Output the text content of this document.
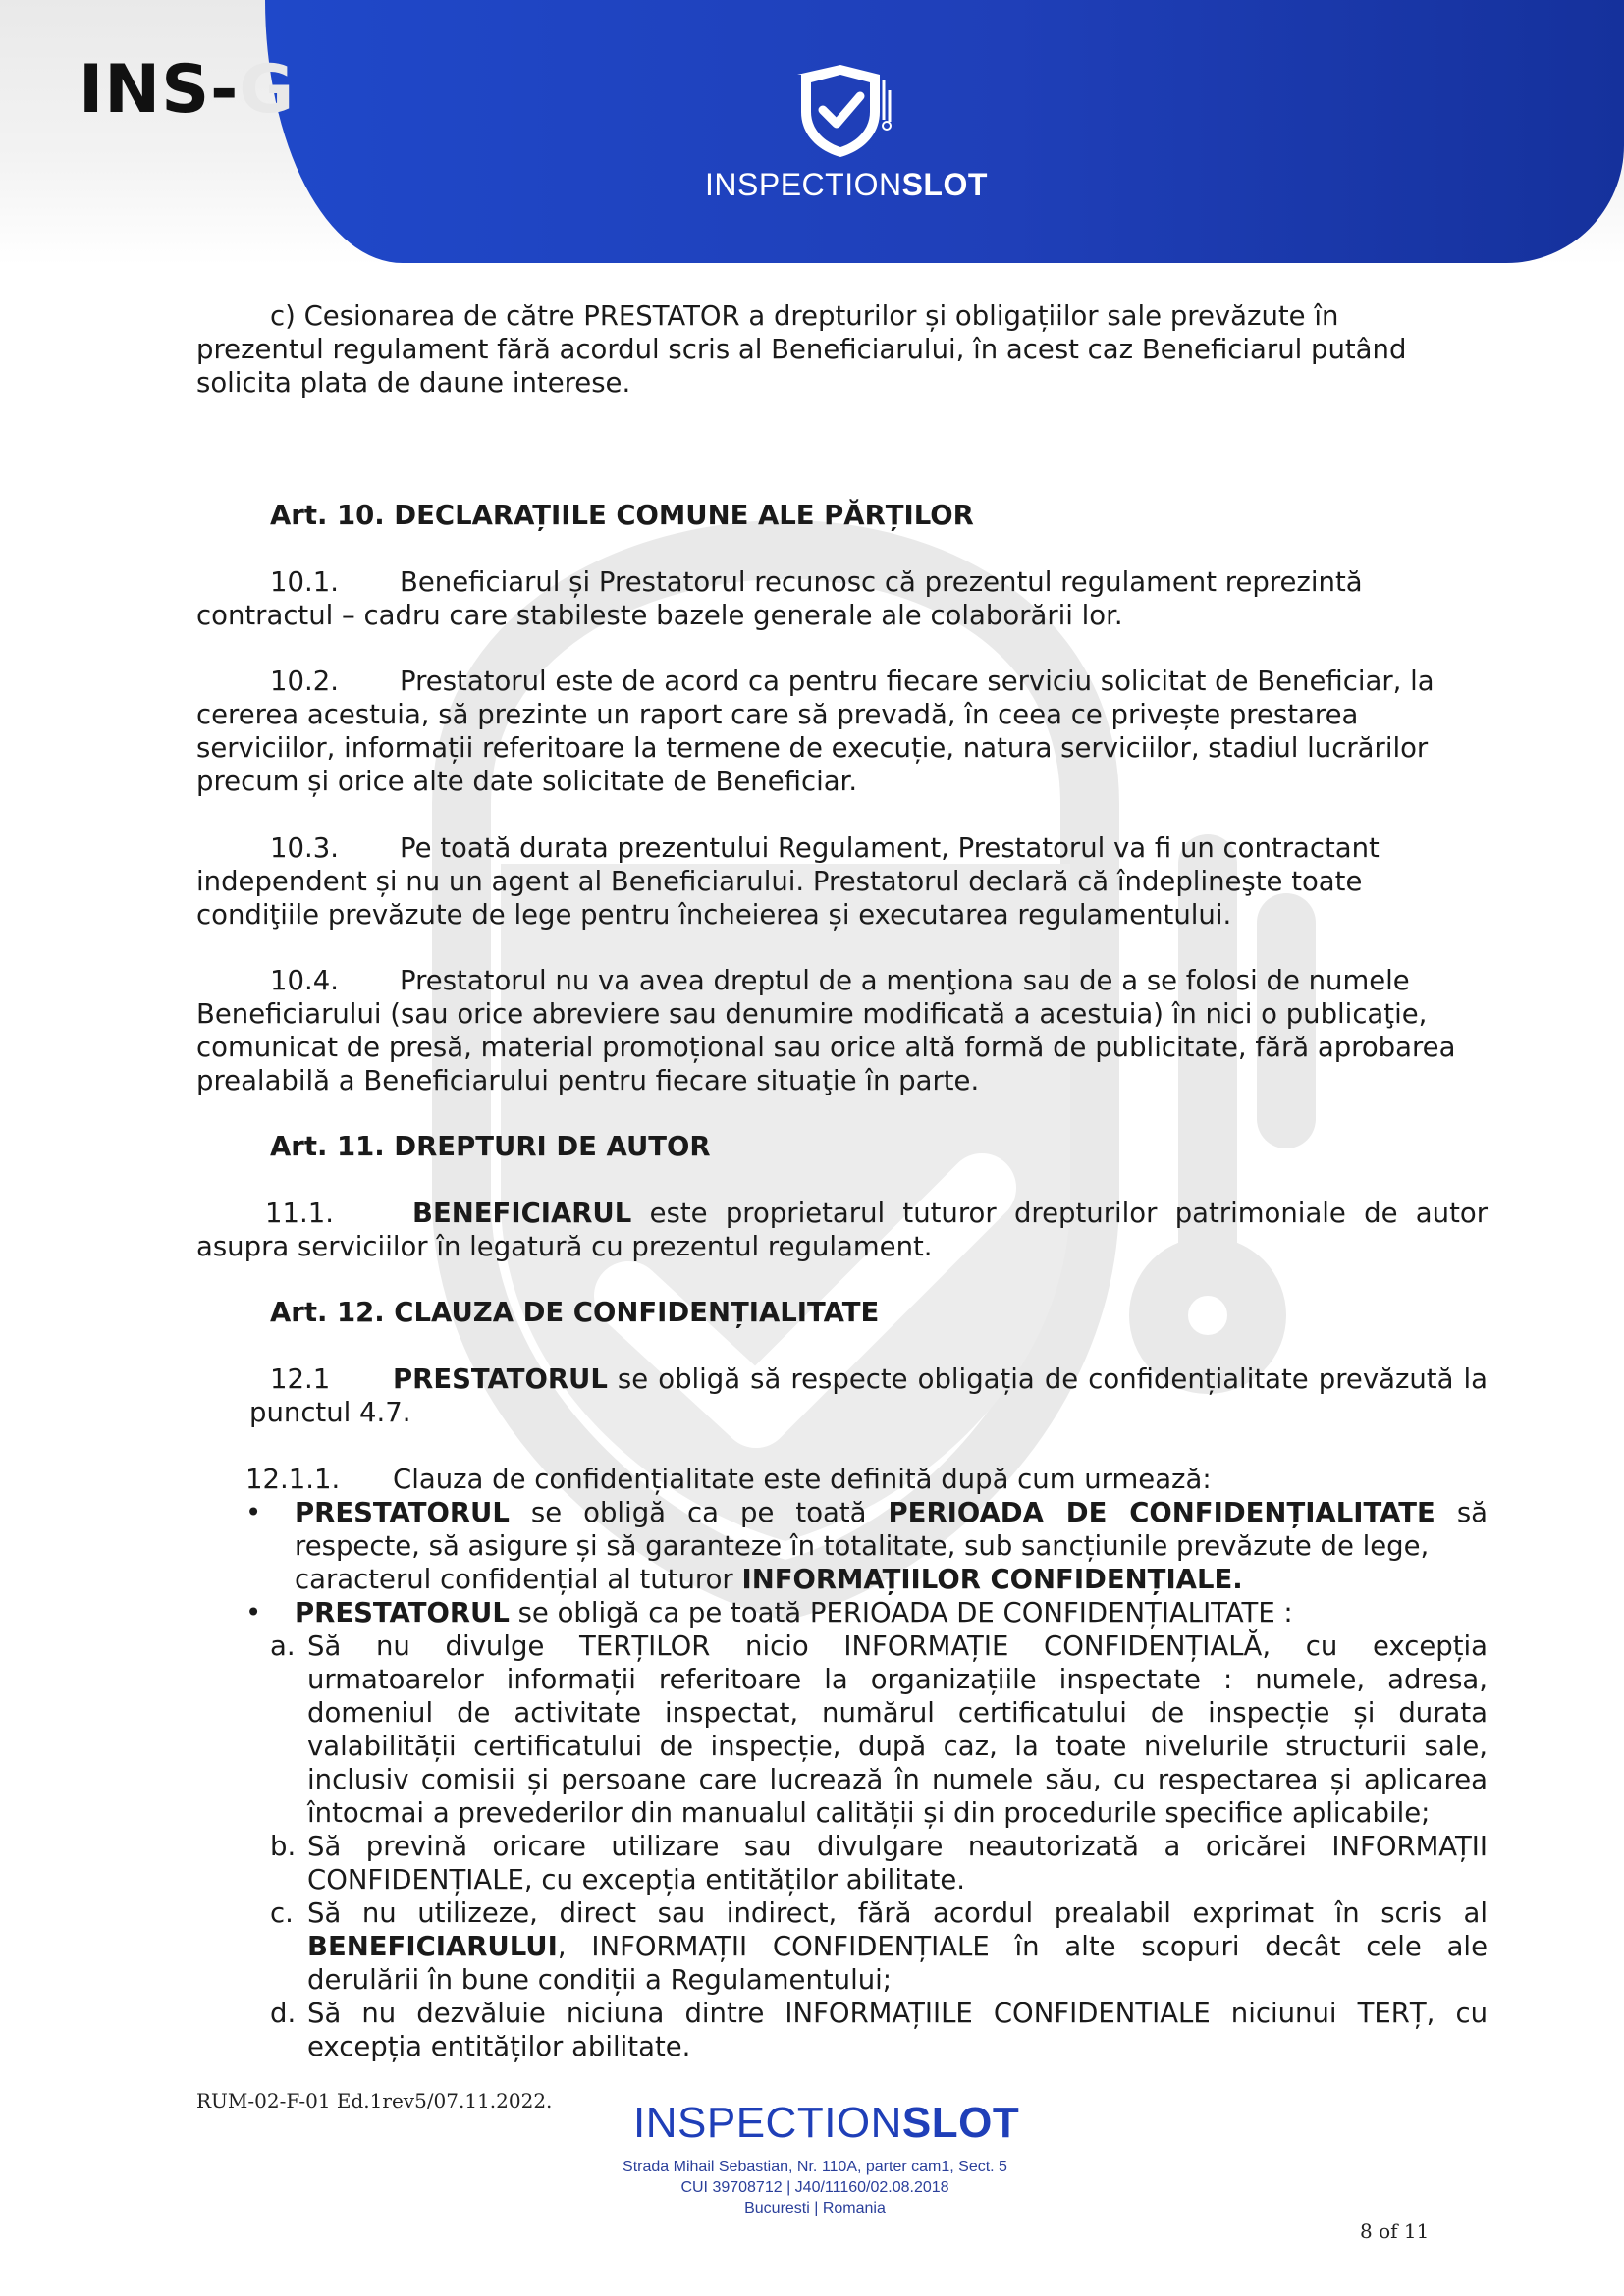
INS-G
INSPECTIONSLOT
c) Cesionarea de către PRESTATOR a drepturilor și obligațiilor sale prevăzute în
prezentul regulament fără acordul scris al Beneficiarului, în acest caz Beneficiarul putând
solicita plata de daune interese.
Art. 10. DECLARAȚIILE COMUNE ALE PĂRȚILOR
10.1. Beneficiarul și Prestatorul recunosc că prezentul regulament reprezintă
contractul – cadru care stabileste bazele generale ale colaborării lor.
10.2. Prestatorul este de acord ca pentru fiecare serviciu solicitat de Beneficiar, la
cererea acestuia, să prezinte un raport care să prevadă, în ceea ce privește prestarea
serviciilor, informații referitoare la termene de execuție, natura serviciilor, stadiul lucrărilor
precum și orice alte date solicitate de Beneficiar.
10.3. Pe toată durata prezentului Regulament, Prestatorul va fi un contractant
independent și nu un agent al Beneficiarului. Prestatorul declară că îndeplineşte toate
condiţiile prevăzute de lege pentru încheierea și executarea regulamentului.
10.4. Prestatorul nu va avea dreptul de a menţiona sau de a se folosi de numele
Beneficiarului (sau orice abreviere sau denumire modificată a acestuia) în nici o publicaţie,
comunicat de presă, material promoțional sau orice altă formă de publicitate, fără aprobarea
prealabilă a Beneficiarului pentru fiecare situaţie în parte.
Art. 11. DREPTURI DE AUTOR
11.1.	BENEFICIARUL este proprietarul tuturor drepturilor patrimoniale de autor
asupra serviciilor în legatură cu prezentul regulament.
Art. 12. CLAUZA DE CONFIDENȚIALITATE
12.1 PRESTATORUL se obligă să respecte obligația de confidențialitate prevăzută la
punctul 4.7.
12.1.1. Clauza de confidențialitate este definită după cum urmează:
• PRESTATORUL se obligă ca pe toată PERIOADA DE CONFIDENȚIALITATE să
respecte, să asigure și să garanteze în totalitate, sub sancțiunile prevăzute de lege,
caracterul confidențial al tuturor INFORMAȚIILOR CONFIDENȚIALE.
• PRESTATORUL se obligă ca pe toată PERIOADA DE CONFIDENȚIALITATE :
a. Să nu divulge TERȚILOR nicio INFORMAȚIE CONFIDENȚIALĂ, cu excepția
urmatoarelor informații referitoare la organizațiile inspectate : numele, adresa,
domeniul de activitate inspectat, numărul certificatului de inspecție și durata
valabilității certificatului de inspecție, după caz, la toate nivelurile structurii sale,
inclusiv comisii și persoane care lucrează în numele său, cu respectarea și aplicarea
întocmai a prevederilor din manualul calității și din procedurile specifice aplicabile;
b. Să prevină oricare utilizare sau divulgare neautorizată a oricărei INFORMAȚII
CONFIDENȚIALE, cu excepția entităților abilitate.
c. Să nu utilizeze, direct sau indirect, fără acordul prealabil exprimat în scris al
BENEFICIARULUI, INFORMAȚII CONFIDENȚIALE în alte scopuri decât cele ale
derulării în bune condiții a Regulamentului;
d. Să nu dezvăluie niciuna dintre INFORMAȚIILE CONFIDENTIALE niciunui TERȚ, cu
excepția entităților abilitate.
RUM-02-F-01 Ed.1rev5/07.11.2022. INSPECTIONSLOT
Strada Mihail Sebastian, Nr. 110A, parter cam1, Sect. 5
CUI 39708712 | J40/11160/02.08.2018
Bucuresti | Romania
8 of 11
